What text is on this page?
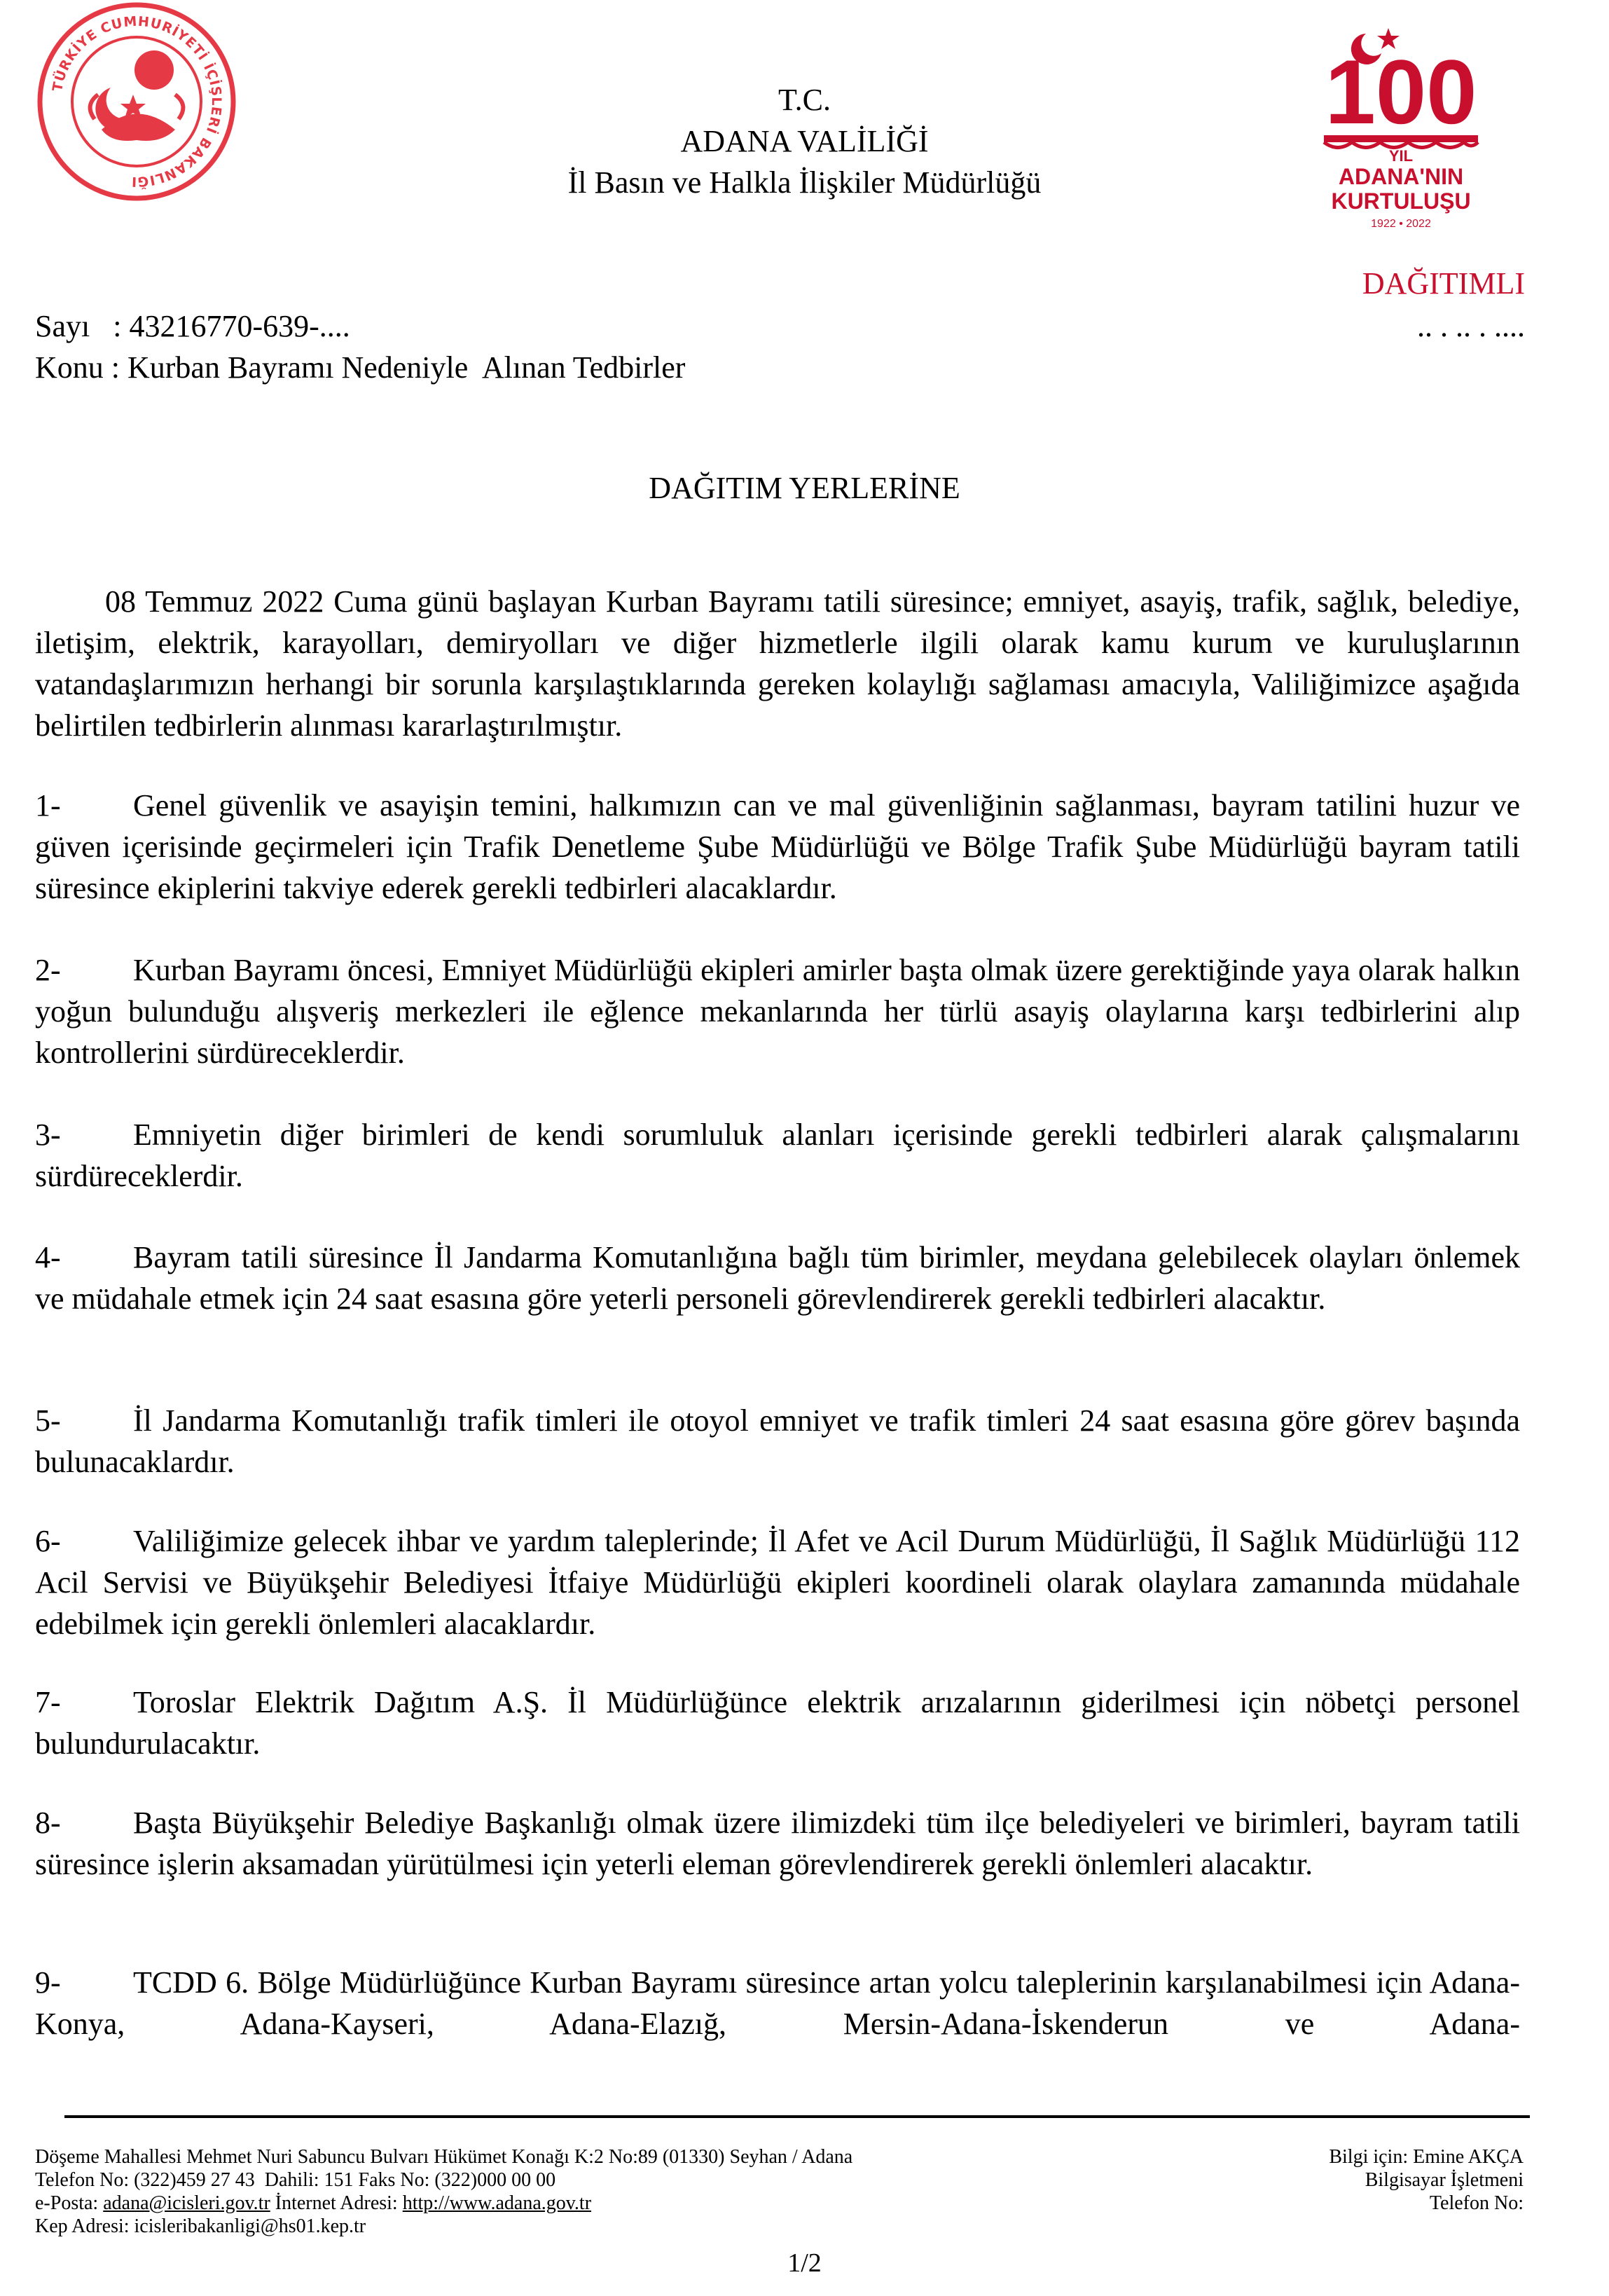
TÜRKİYE CUMHURİYETİ İÇİŞLERİ BAKANLIĞI
100
YIL
ADANA'NIN
KURTULUŞU
1922 • 2022
T.C.
ADANA VALİLİĞİ
İl Basın ve Halkla İlişkiler Müdürlüğü
DAĞITIMLI
Sayı   : 43216770-639-....	.. . .. . ....
Konu : Kurban Bayramı Nedeniyle  Alınan Tedbirler
DAĞITIM YERLERİNE
08 Temmuz 2022 Cuma günü başlayan Kurban Bayramı tatili süresince; emniyet, asayiş, trafik, sağlık, belediye, iletişim, elektrik, karayolları, demiryolları ve diğer hizmetlerle ilgili olarak kamu kurum ve kuruluşlarının vatandaşlarımızın herhangi bir sorunla karşılaştıklarında gereken kolaylığı sağlaması amacıyla, Valiliğimizce aşağıda belirtilen tedbirlerin alınması kararlaştırılmıştır.
1- Genel güvenlik ve asayişin temini, halkımızın can ve mal güvenliğinin sağlanması, bayram tatilini huzur ve güven içerisinde geçirmeleri için Trafik Denetleme Şube Müdürlüğü ve Bölge Trafik Şube Müdürlüğü bayram tatili süresince ekiplerini takviye ederek gerekli tedbirleri alacaklardır.
2- Kurban Bayramı öncesi, Emniyet Müdürlüğü ekipleri amirler başta olmak üzere gerektiğinde yaya olarak halkın yoğun bulunduğu alışveriş merkezleri ile eğlence mekanlarında her türlü asayiş olaylarına karşı tedbirlerini alıp kontrollerini sürdüreceklerdir.
3- Emniyetin diğer birimleri de kendi sorumluluk alanları içerisinde gerekli tedbirleri alarak çalışmalarını sürdüreceklerdir.
4- Bayram tatili süresince İl Jandarma Komutanlığına bağlı tüm birimler, meydana gelebilecek olayları önlemek ve müdahale etmek için 24 saat esasına göre yeterli personeli görevlendirerek gerekli tedbirleri alacaktır.
5- İl Jandarma Komutanlığı trafik timleri ile otoyol emniyet ve trafik timleri 24 saat esasına göre görev başında bulunacaklardır.
6- Valiliğimize gelecek ihbar ve yardım taleplerinde; İl Afet ve Acil Durum Müdürlüğü, İl Sağlık Müdürlüğü 112 Acil Servisi ve Büyükşehir Belediyesi İtfaiye Müdürlüğü ekipleri koordineli olarak olaylara zamanında müdahale edebilmek için gerekli önlemleri alacaklardır.
7- Toroslar Elektrik Dağıtım A.Ş. İl Müdürlüğünce elektrik arızalarının giderilmesi için nöbetçi personel bulundurulacaktır.
8- Başta Büyükşehir Belediye Başkanlığı olmak üzere ilimizdeki tüm ilçe belediyeleri ve birimleri, bayram tatili süresince işlerin aksamadan yürütülmesi için yeterli eleman görevlendirerek gerekli önlemleri alacaktır.
9- TCDD 6. Bölge Müdürlüğünce Kurban Bayramı süresince artan yolcu taleplerinin karşılanabilmesi için Adana-Konya, Adana-Kayseri, Adana-Elazığ, Mersin-Adana-İskenderun ve Adana-
Döşeme Mahallesi Mehmet Nuri Sabuncu Bulvarı Hükümet Konağı K:2 No:89 (01330) Seyhan / Adana
Telefon No: (322)459 27 43  Dahili: 151 Faks No: (322)000 00 00
e-Posta: adana@icisleri.gov.tr İnternet Adresi: http://www.adana.gov.tr
Kep Adresi: icisleribakanligi@hs01.kep.tr
Bilgi için: Emine AKÇA
Bilgisayar İşletmeni
Telefon No:
1/2
